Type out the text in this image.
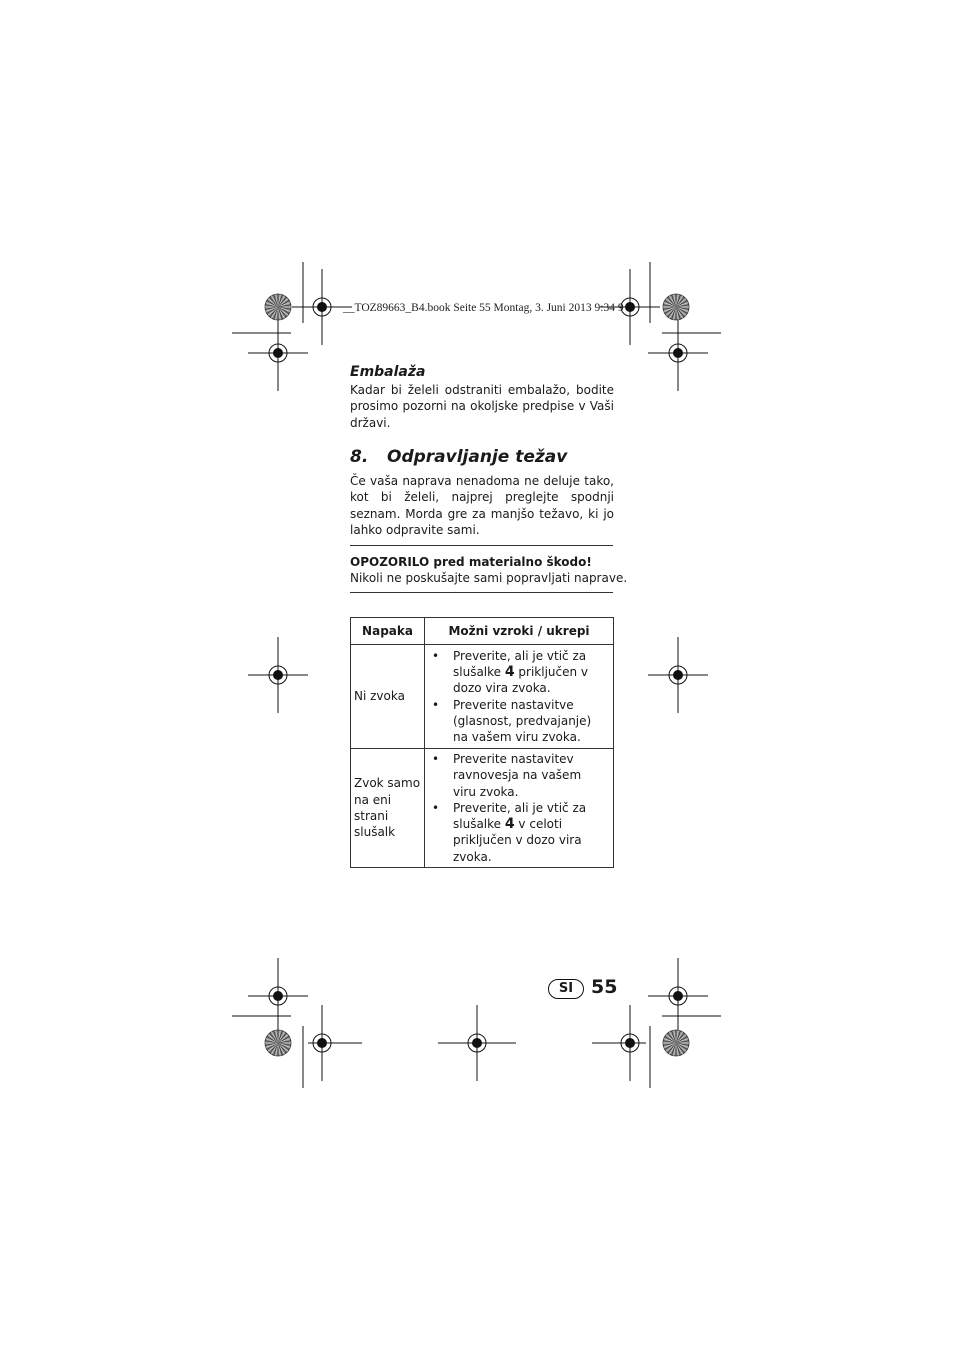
__TOZ89663_B4.book Seite 55 Montag, 3. Juni 2013 9:34 9
Embalaža
Kadar bi želeli odstraniti embalažo, bodite prosimo pozorni na okoljske predpise v Vaši državi.
8. Odpravljanje težav
Če vaša naprava nenadoma ne deluje tako, kot bi želeli, najprej preglejte spodnji seznam. Morda gre za manjšo težavo, ki jo lahko odpravite sami.
OPOZORILO pred materialno škodo!
Nikoli ne poskušajte sami popravljati naprave.
Napaka	Možni vzroki / ukrepi
Ni zvoka	• Preverite, ali je vtič za slušalke 4 priključen v dozo vira zvoka.
• Preverite nastavitve (glasnost, predvajanje) na vašem viru zvoka.

Zvok samo na eni strani slušalk	• Preverite nastavitev ravnovesja na vašem viru zvoka.
• Preverite, ali je vtič za slušalke 4 v celoti priključen v dozo vira zvoka.
SI 55
